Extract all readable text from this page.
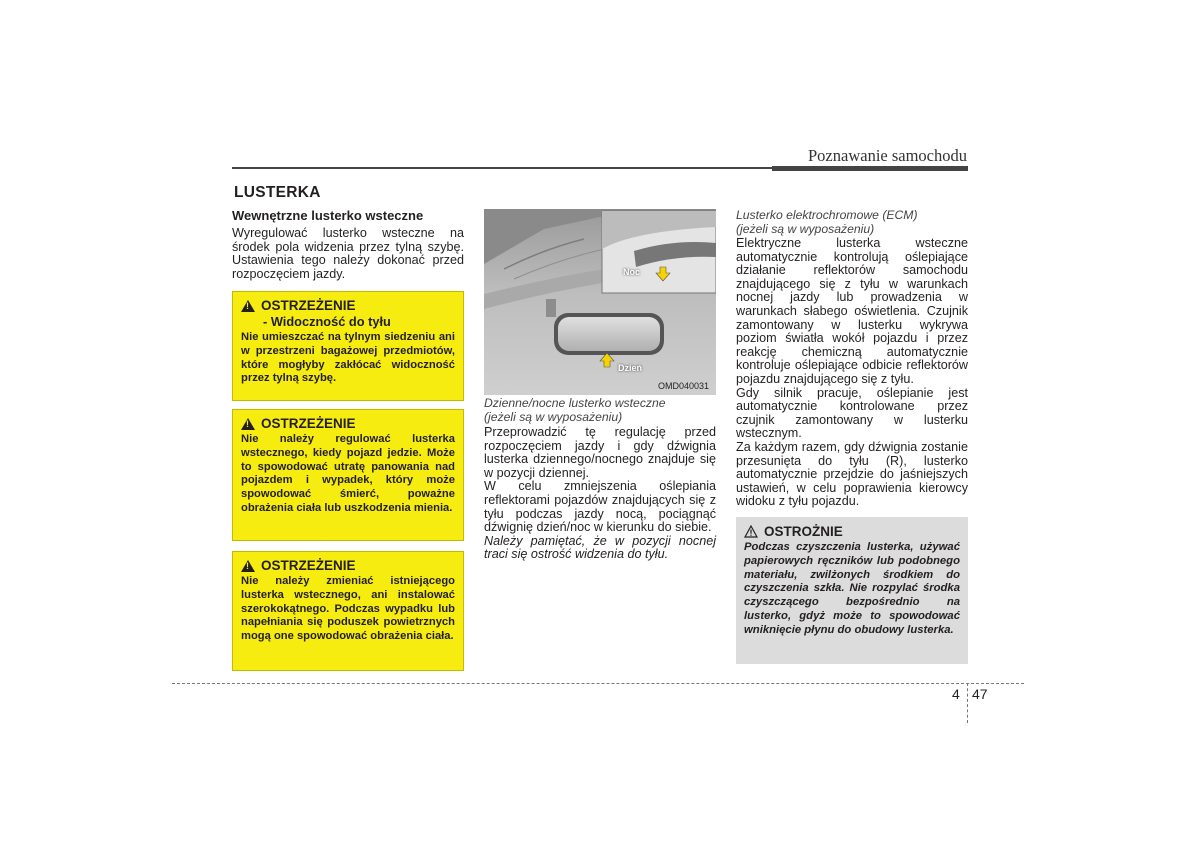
Poznawanie samochodu
LUSTERKA
Wewnętrzne lusterko wsteczne
Wyregulować lusterko wsteczne na środek pola widzenia przez tylną szybę. Ustawienia tego należy dokonać przed rozpoczęciem jazdy.
!
OSTRZEŻENIE
- Widoczność do tyłu
Nie umieszczać na tylnym siedzeniu ani w przestrzeni bagażowej przedmiotów, które mogłyby zakłócać widoczność przez tylną szybę.
!
OSTRZEŻENIE
Nie należy regulować lusterka wstecznego, kiedy pojazd jedzie. Może to spowodować utratę panowania nad pojazdem i wypadek, który może spowodować śmierć, poważne obrażenia ciała lub uszkodzenia mienia.
!
OSTRZEŻENIE
Nie należy zmieniać istniejącego lusterka wstecznego, ani instalować szerokokątnego. Podczas wypadku lub napełniania się poduszek powietrznych mogą one spowodować obrażenia ciała.
Noc
Dzień
OMD040031
Dzienne/nocne lusterko wsteczne
(jeżeli są w wyposażeniu)
Przeprowadzić tę regulację przed rozpoczęciem jazdy i gdy dźwignia lusterka dziennego/nocnego znajduje się w pozycji dziennej.
W celu zmniejszenia oślepiania reflektorami pojazdów znajdujących się z tyłu podczas jazdy nocą, pociągnąć dźwignię dzień/noc w kierunku do siebie.
Należy pamiętać, że w pozycji nocnej traci się ostrość widzenia do tyłu.
Lusterko elektrochromowe (ECM)
(jeżeli są w wyposażeniu)
Elektryczne lusterka wsteczne automatycznie kontrolują oślepiające działanie reflektorów samochodu znajdującego się z tyłu w warunkach nocnej jazdy lub prowadzenia w warunkach słabego oświetlenia. Czujnik zamontowany w lusterku wykrywa poziom światła wokół pojazdu i przez reakcję chemiczną automatycznie kontroluje oślepiające odbicie reflektorów pojazdu znajdującego się z tyłu.
Gdy silnik pracuje, oślepianie jest automatycznie kontrolowane przez czujnik zamontowany w lusterku wstecznym.
Za każdym razem, gdy dźwignia zostanie przesunięta do tyłu (R), lusterko automatycznie przejdzie do jaśniejszych ustawień, w celu poprawienia kierowcy widoku z tyłu pojazdu.
OSTROŻNIE
Podczas czyszczenia lusterka, używać papierowych ręczników lub podobnego materiału, zwilżonych środkiem do czyszczenia szkła. Nie rozpylać środka czyszczącego bezpośrednio na lusterko, gdyż może to spowodować wniknięcie płynu do obudowy lusterka.
4 47
